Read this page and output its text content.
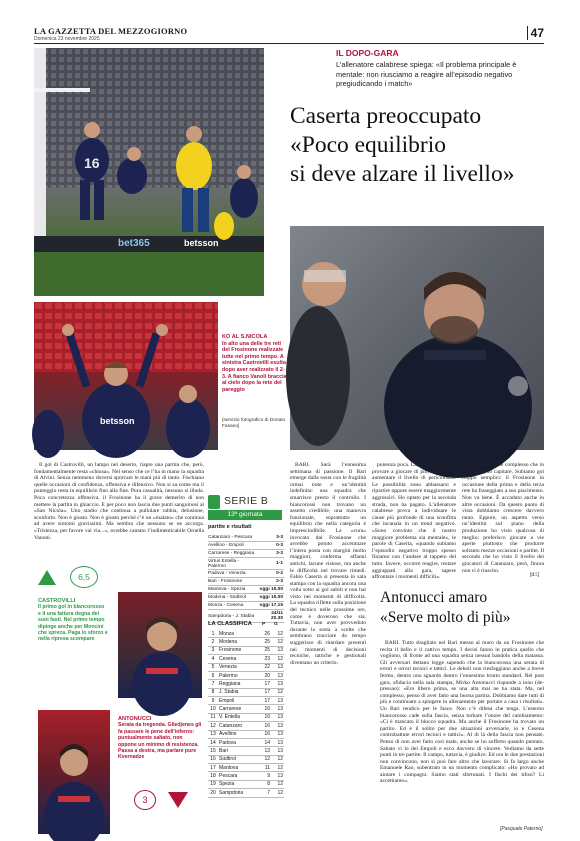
LA GAZZETTA DEL MEZZOGIORNO
Domenica 23 novembre 2025	47
16
bet365	betsson
IL DOPO-GARA
L’allenatore calabrese spiega: «Il problema principale è mentale: non riusciamo a reagire all’episodio negativo pregiudicando i match»
Caserta preoccupato
«Poco equilibrio
si deve alzare il livello»
betsson
KO AL S.NICOLA
In alto una delle tre reti del Frosinone realizzate tutte nel primo tempo. A sinistra Castrovilli esulta dopo aver realizzato il 2-3. A fianco Vanoli braccia al cielo dopo la rete del pareggio
[servizio fotografico di Donato Fasano]

Il gol di Castrovilli, un lampo nel deserto, riapre una partita che, però, fondamentalmente resta «chiusa». Nel senso che ce l’ha in mano la squadra di Alvini. Senza nemmeno doversi sporcare le mani più di tanto. Fischiano quelle occasioni di confidenza, offensiva e difensivo. Non si sa come ma il punteggio resta in equilibrio fino alla fine. Pura casualità, nessuno si illuda. Poca concretezza offensiva, il Frosinone ha il grave demerito di non mettere la partita in ghiaccio. E per poco non lascia due punti sanguinosi al «San Nicola». Uno stadio che continua a pullulare rabbia, delusione, sconforto. Non è giusto. Non è giusto perché c’è un «malato» che continua ad avere sintomi gravissimi. Ma sembra che nessuno se ne accorga. «Tristezza, per favore vai via...», avrebbe cantato l’indimenticabile Ornella Vanoni.

BARI. Sarà l’ennesima settimana di passione. Il Bari emerge dalla sosta con le fragilità ormai note e un’identità indefinita: una squadra che smarrisce presto il controllo. I biancorossi non trovano un assetto credibile, una manovra funzionale, soprattutto un equilibrio che nella categoria è imprescindibile. La «cura» invocata dal Frosinone che avrebbe potuto accentuare l’intera posta con margini molto maggiori, conferma affanni antichi, lacune vistose, ma anche le difficoltà nel trovare rimedi. Fabio Caserta si presenta in sala stampa con la squadra ancora una volta sotto ai gol subiti e non hai visto nei momenti di difficoltà. La squadra riflette sulla posizione del tecnico nelle prossime ore, come è doveroso che sia. Tuttavia, non aver provveduto durante la sosta a scelte che sembrano tracciare da tempo suggerisce di ritardare presenti nei momenti di decisioni tecniche, tattiche e gestionali diventano un criterio.

ponenza poca. La sfida, perciò, era provare a giocare di più, ad alzare e aumentare il livello di pericolosità. Le possibilità sono abbassarsi e ripartire oppure essere maggiormente aggressivi. Ho optato per la seconda strada, non ha pagato. L’allenatore calabrese prova a individuare le cause più profonde di una sconfitta che incanala in un trend negativo. «Sono convinto che il nostro maggiore problema sia mentale», le parole di Caserta, «quando subiamo l’episodio negativo troppo spesso finiamo con l’andare al tappeto del tutto. Invece, occorre reagire, restare aggrappati alla gara, sapere affrontare i momenti difficili».

rare il frangente complesso che in una gara può capitare. Subiamo gol troppo semplici: il Frosinone in occasione della prima e della terza rete ha fraseggiato a suo piacimento. Non va bene. È accaduto anche in altre occasioni. Da questo punto di vista dobbiamo crescere davvero tanto. Eppure, un aspetto verso un’identità sul piano della produzione ho visto qualcosa di meglio: preferisco giocare a vie aperte piuttosto che produrre soltanto mezze occasioni e partite. Il secondo che ho visto il livello dei giocatori di Catanzaro, però, finora non ci è riuscito.

[d.l.]
SERIE B
13ª giornata
partite e risultati
Catanzaro - Pescara	3-3
Avellino - Empoli	0-3
Carrarese - Reggiana	3-3
Virtus Entella - Palermo	1-1
Padova - Venezia	0-2
Bari - Frosinone	2-3
Mantova - Spezia	oggi 15.00
Modena - Südtirol	oggi 15.00
Monza - Cesena	oggi 17.15
Sampdoria - J. Stabia	24/11 20.30
LA CLASSIFICA P G
1	Monza	26	12
2	Modena	25	12
3	Frosinone	25	13
4	Cesena	23	12
5	Venezia	22	13
6	Palermo	20	13
7	Reggiana	17	13
8	J. Stabia	17	12
9	Empoli	17	13
10	Carrarese	16	13
11	V. Entella	16	13
12	Catanzaro	16	13
13	Avellino	16	13
14	Padova	14	13
15	Bari	13	13
16	Südtirol	12	12
17	Mantova	11	12
18	Pescara	9	13
19	Spezia	8	12
20	Sampdoria	7	12
6,5
CASTROVILLI
Il primo gol in biancorosso e il una fattura degna dei suoi fasti. Nel primo tempo dipinge anche per Moncini che spreca. Paga lo sforzo e nella ripresa scompare
ANTONUCCI
Serata da tregenda. Gliedjenes gli fa passare le pene dell’inferno: puntualmente saltato, non oppone un minimo di resistenza. Passa a destra, ma parlare pure Kvernadze
3
Antonucci amaro
«Serve molto di più»

BARI. Tutto sbagliato nel Bari messo al muro da un Frosinone che recita il bello e il cattivo tempo. I decisi fanno in pratica quello che vogliono, di fronte ad una squadra senza nessun bandolo della matassa. Gli avversari dettano legge sapendo che la biancorossa una serata di errori e orrori tecnici e tattici. Le deboli non riesfaggiano anche a breve fermo, dentro uno sguardo dentro l’ennesimo brutto standard. Nel post gara, sfiducia nella sala stampa, Mirko Antonucci risponde a tono (de-pressao): «Ero libero prima, se una alta mai ne ha stata. Ma, nel complesso, penso di aver fatto una buona partita. Dobbiamo dare tutti di più e continuare a spingere in allenamento per portare a casa i risultati». Un Bari rendico per le fasce. Non c’è difesa che tenga. L’esterno biancorosso cade sulla fascia, senza turbare l’onore del cambiamento: «Ci è mancato il blocco squadra. Ma anche il Frosinone ha trovato un partito. Ed è il solito per due situazioni avversarie, io e Cesena controbattute errori tecnici e tattici». Al di là della fascia non pensate. Penso di non aver fatto così male, anche se ho sofferto quando puntato. Sabato vi lo del Empoli e ecco davvero di vincere. Vediamo da sette punti in tre partite. Il campo, tuttavia, è giudice. Ed ora le due prestazioni non convincono, non si può fare altro che lavorare. Si fa largo anche Emanuele Rao, subentrato in un momento complicato: «Ho provato ad aiutare i compagni. Siamo stati sfortunati. I fischi dei tifosi? Li accettiamo».

[Pasquale Paterno]
